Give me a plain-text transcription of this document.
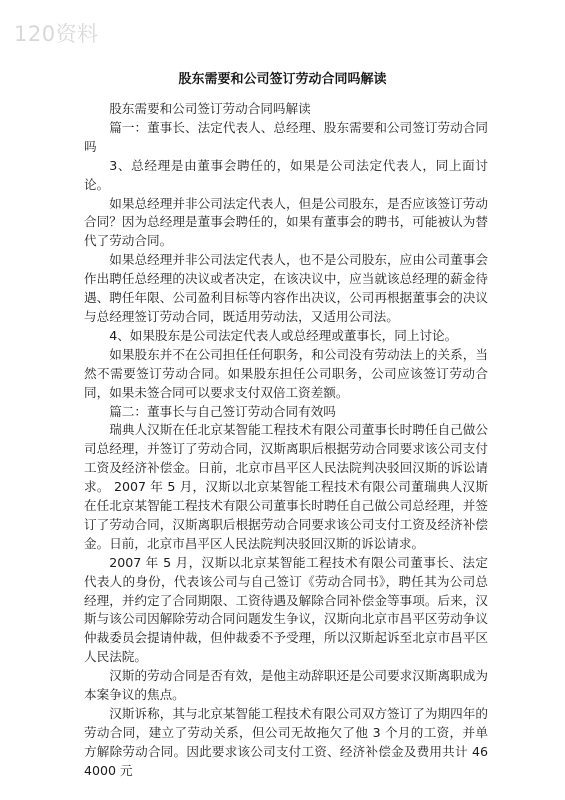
120资料
股东需要和公司签订劳动合同吗解读

股东需要和公司签订劳动合同吗解读

篇一：董事长、法定代表人、总经理、股东需要和公司签订劳动合同吗

3、总经理是由董事会聘任的，如果是公司法定代表人，同上面讨论。

如果总经理并非公司法定代表人，但是公司股东，是否应该签订劳动合同？因为总经理是董事会聘任的，如果有董事会的聘书，可能被认为替代了劳动合同。

如果总经理并非公司法定代表人，也不是公司股东，应由公司董事会作出聘任总经理的决议或者决定，在该决议中，应当就该总经理的薪金待遇、聘任年限、公司盈利目标等内容作出决议，公司再根据董事会的决议与总经理签订劳动合同，既适用劳动法，又适用公司法。

4、如果股东是公司法定代表人或总经理或董事长，同上讨论。

如果股东并不在公司担任任何职务，和公司没有劳动法上的关系，当然不需要签订劳动合同。如果股东担任公司职务，公司应该签订劳动合同，如果未签合同可以要求支付双倍工资差额。

篇二：董事长与自己签订劳动合同有效吗

瑞典人汉斯在任北京某智能工程技术有限公司董事长时聘任自己做公司总经理，并签订了劳动合同，汉斯离职后根据劳动合同要求该公司支付工资及经济补偿金。日前，北京市昌平区人民法院判决驳回汉斯的诉讼请求。 2007 年 5 月，汉斯以北京某智能工程技术有限公司董瑞典人汉斯在任北京某智能工程技术有限公司董事长时聘任自己做公司总经理，并签订了劳动合同，汉斯离职后根据劳动合同要求该公司支付工资及经济补偿金。日前，北京市昌平区人民法院判决驳回汉斯的诉讼请求。

2007 年 5 月，汉斯以北京某智能工程技术有限公司董事长、法定代表人的身份，代表该公司与自己签订《劳动合同书》，聘任其为公司总经理，并约定了合同期限、工资待遇及解除合同补偿金等事项。后来，汉斯与该公司因解除劳动合同问题发生争议，汉斯向北京市昌平区劳动争议仲裁委员会提请仲裁，但仲裁委不予受理，所以汉斯起诉至北京市昌平区人民法院。

汉斯的劳动合同是否有效，是他主动辞职还是公司要求汉斯离职成为本案争议的焦点。

汉斯诉称，其与北京某智能工程技术有限公司双方签订了为期四年的劳动合同，建立了劳动关系，但公司无故拖欠了他 3 个月的工资，并单方解除劳动合同。因此要求该公司支付工资、经济补偿金及费用共计 464000 元
